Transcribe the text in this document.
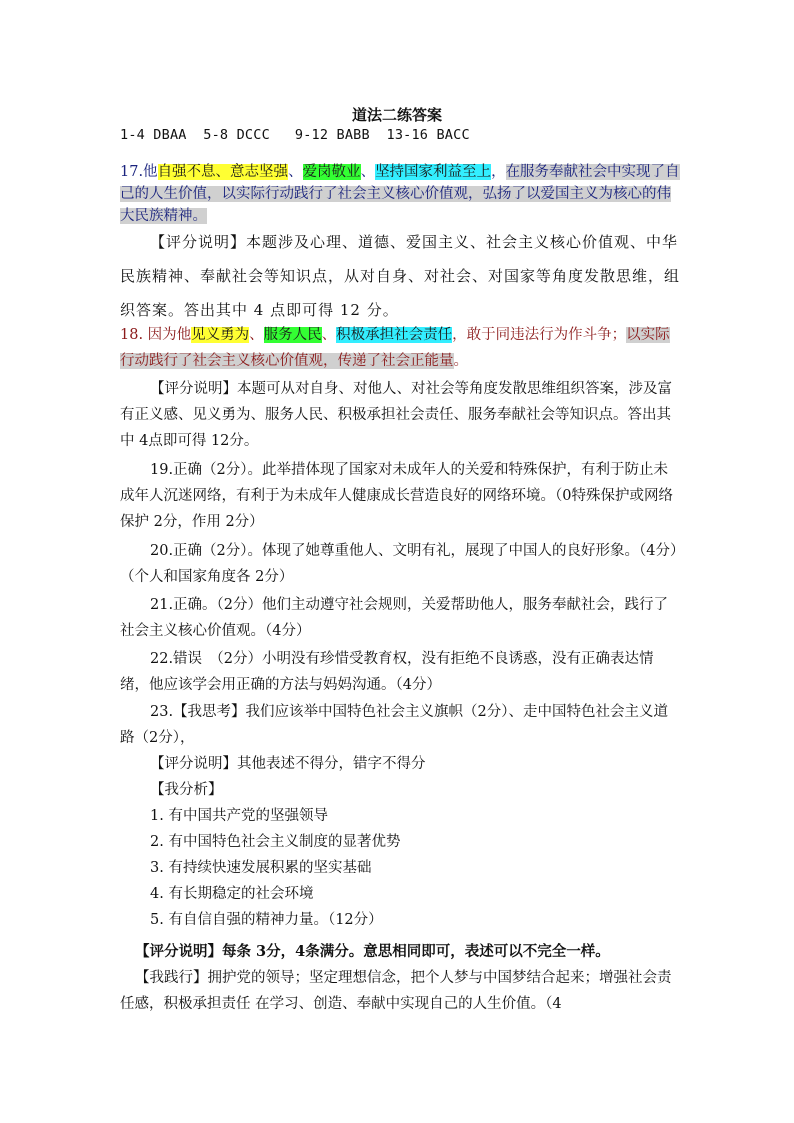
道法二练答案
1-4 DBAA 5-8 DCCC 9-12 BABB 13-16 BACC
17.他自强不息、意志坚强、爱岗敬业、坚持国家利益至上，在服务奉献社会中实现了自己的人生价值，以实际行动践行了社会主义核心价值观，弘扬了以爱国主义为核心的伟大民族精神。
【评分说明】本题涉及心理、道德、爱国主义、社会主义核心价值观、中华民族精神、奉献社会等知识点，从对自身、对社会、对国家等角度发散思维，组织答案。答出其中 4 点即可得 12 分。
18. 因为他见义勇为、服务人民、积极承担社会责任，敢于同违法行为作斗争；以实际行动践行了社会主义核心价值观，传递了社会正能量。
【评分说明】本题可从对自身、对他人、对社会等角度发散思维组织答案，涉及富有正义感、见义勇为、服务人民、积极承担社会责任、服务奉献社会等知识点。答出其中 4点即可得 12分。
19.正确（2分）。此举措体现了国家对未成年人的关爱和特殊保护，有利于防止未成年人沉迷网络，有利于为未成年人健康成长营造良好的网络环境。（0特殊保护或网络保护 2分，作用 2分）
20.正确（2分）。体现了她尊重他人、文明有礼，展现了中国人的良好形象。（4分）（个人和国家角度各 2分）
21.正确。（2分）他们主动遵守社会规则，关爱帮助他人，服务奉献社会，践行了社会主义核心价值观。（4分）
22.错误　（2分）小明没有珍惜受教育权，没有拒绝不良诱惑，没有正确表达情绪，他应该学会用正确的方法与妈妈沟通。（4分）
23.【我思考】我们应该举中国特色社会主义旗帜（2分）、走中国特色社会主义道路（2分），
【评分说明】其他表述不得分，错字不得分
【我分析】
1. 有中国共产党的坚强领导
2. 有中国特色社会主义制度的显著优势
3. 有持续快速发展积累的坚实基础
4. 有长期稳定的社会环境
5. 有自信自强的精神力量。（12分）
【评分说明】每条 3分，4条满分。意思相同即可，表述可以不完全一样。
【我践行】拥护党的领导；坚定理想信念，把个人梦与中国梦结合起来；增强社会责任感，积极承担责任 在学习、创造、奉献中实现自己的人生价值。（4
